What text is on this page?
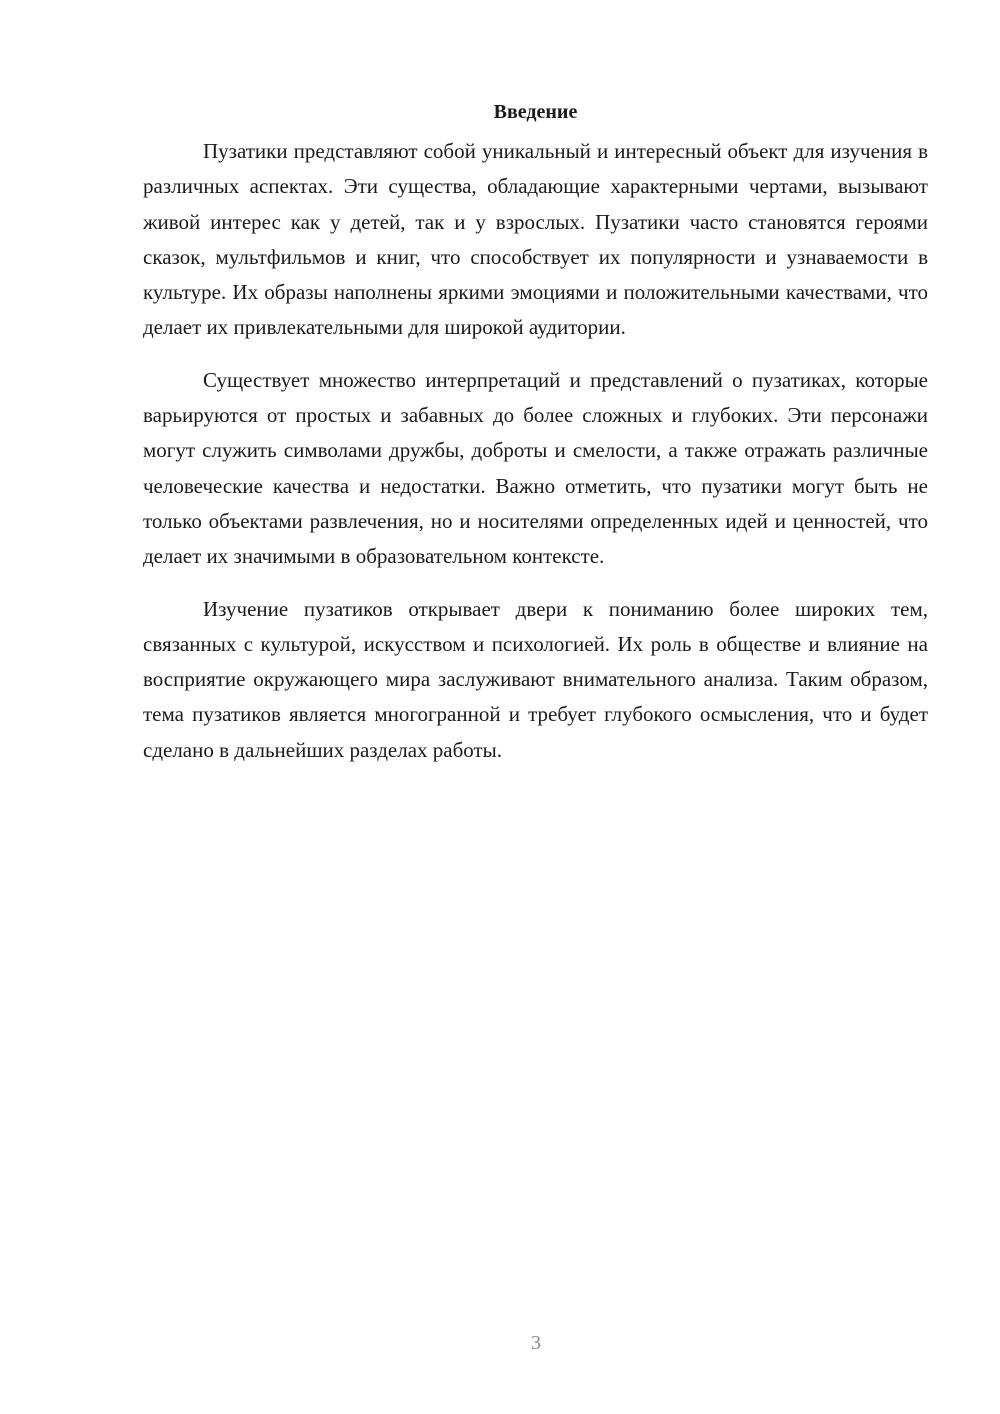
Введение

Пузатики представляют собой уникальный и интересный объект для изучения в различных аспектах. Эти существа, обладающие характерными чертами, вызывают живой интерес как у детей, так и у взрослых. Пузатики часто становятся героями сказок, мультфильмов и книг, что способствует их популярности и узнаваемости в культуре. Их образы наполнены яркими эмоциями и положительными качествами, что делает их привлекательными для широкой аудитории.

Существует множество интерпретаций и представлений о пузатиках, которые варьируются от простых и забавных до более сложных и глубоких. Эти персонажи могут служить символами дружбы, доброты и смелости, а также отражать различные человеческие качества и недостатки. Важно отметить, что пузатики могут быть не только объектами развлечения, но и носителями определенных идей и ценностей, что делает их значимыми в образовательном контексте.

Изучение пузатиков открывает двери к пониманию более широких тем, связанных с культурой, искусством и психологией. Их роль в обществе и влияние на восприятие окружающего мира заслуживают внимательного анализа. Таким образом, тема пузатиков является многогранной и требует глубокого осмысления, что и будет сделано в дальнейших разделах работы.

3
